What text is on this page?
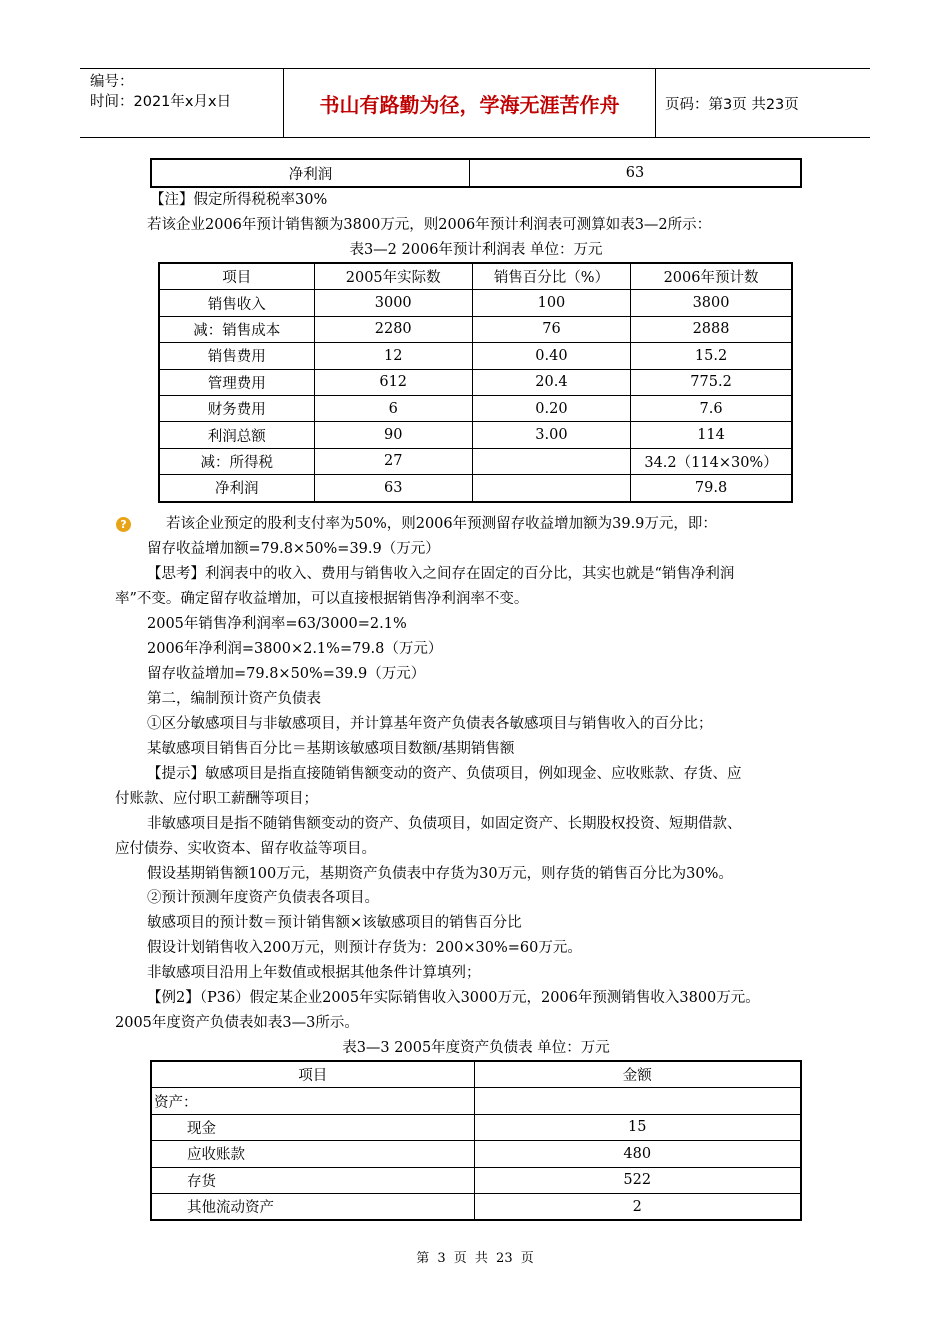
编号：
时间：2021年x月x日	书山有路勤为径，学海无涯苦作舟	页码：第3页 共23页
净利润	63
【注】假定所得税税率30%
若该企业2006年预计销售额为3800万元，则2006年预计利润表可测算如表3—2所示：
表3—2 2006年预计利润表 单位：万元
项目	2005年实际数	销售百分比（%）	2006年预计数
销售收入	3000	100	3800
减：销售成本	2280	76	2888
销售费用	12	0.40	15.2
管理费用	612	20.4	775.2
财务费用	6	0.20	7.6
利润总额	90	3.00	114
减：所得税	27		34.2（114×30%）
净利润	63		79.8
?	若该企业预定的股利支付率为50%，则2006年预测留存收益增加额为39.9万元，即：
留存收益增加额=79.8×50%=39.9（万元）
【思考】利润表中的收入、费用与销售收入之间存在固定的百分比，其实也就是“销售净利润
率”不变。确定留存收益增加，可以直接根据销售净利润率不变。
2005年销售净利润率=63/3000=2.1%
2006年净利润=3800×2.1%=79.8（万元）
留存收益增加=79.8×50%=39.9（万元）
第二，编制预计资产负债表
①区分敏感项目与非敏感项目，并计算基年资产负债表各敏感项目与销售收入的百分比；
某敏感项目销售百分比＝基期该敏感项目数额/基期销售额
【提示】敏感项目是指直接随销售额变动的资产、负债项目，例如现金、应收账款、存货、应
付账款、应付职工薪酬等项目；
非敏感项目是指不随销售额变动的资产、负债项目，如固定资产、长期股权投资、短期借款、
应付债券、实收资本、留存收益等项目。
假设基期销售额100万元，基期资产负债表中存货为30万元，则存货的销售百分比为30%。
②预计预测年度资产负债表各项目。
敏感项目的预计数＝预计销售额×该敏感项目的销售百分比
假设计划销售收入200万元，则预计存货为：200×30%=60万元。
非敏感项目沿用上年数值或根据其他条件计算填列；
【例2】（P36）假定某企业2005年实际销售收入3000万元，2006年预测销售收入3800万元。
2005年度资产负债表如表3—3所示。
表3—3 2005年度资产负债表 单位：万元
项目	金额
资产：	
现金	15
应收账款	480
存货	522
其他流动资产	2
第 3 页 共 23 页
